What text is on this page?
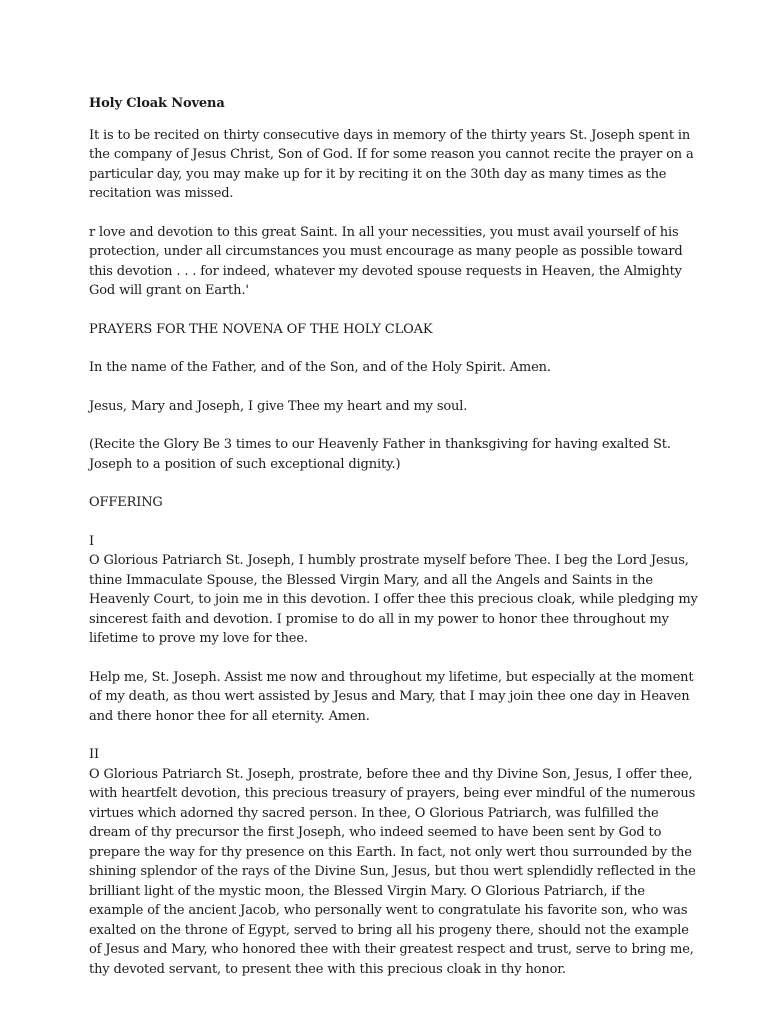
Holy Cloak Novena

It is to be recited on thirty consecutive days in memory of the thirty years St. Joseph spent in the company of Jesus Christ, Son of God. If for some reason you cannot recite the prayer on a particular day, you may make up for it by reciting it on the 30th day as many times as the recitation was missed.

r love and devotion to this great Saint. In all your necessities, you must avail yourself of his protection, under all circumstances you must encourage as many people as possible toward this devotion . . . for indeed, whatever my devoted spouse requests in Heaven, the Almighty God will grant on Earth.'

PRAYERS FOR THE NOVENA OF THE HOLY CLOAK

In the name of the Father, and of the Son, and of the Holy Spirit. Amen.

Jesus, Mary and Joseph, I give Thee my heart and my soul.

(Recite the Glory Be 3 times to our Heavenly Father in thanksgiving for having exalted St. Joseph to a position of such exceptional dignity.)

OFFERING

I
O Glorious Patriarch St. Joseph, I humbly prostrate myself before Thee. I beg the Lord Jesus, thine Immaculate Spouse, the Blessed Virgin Mary, and all the Angels and Saints in the Heavenly Court, to join me in this devotion. I offer thee this precious cloak, while pledging my sincerest faith and devotion. I promise to do all in my power to honor thee throughout my lifetime to prove my love for thee.

Help me, St. Joseph. Assist me now and throughout my lifetime, but especially at the moment of my death, as thou wert assisted by Jesus and Mary, that I may join thee one day in Heaven and there honor thee for all eternity. Amen.

II
O Glorious Patriarch St. Joseph, prostrate, before thee and thy Divine Son, Jesus, I offer thee, with heartfelt devotion, this precious treasury of prayers, being ever mindful of the numerous virtues which adorned thy sacred person. In thee, O Glorious Patriarch, was fulfilled the dream of thy precursor the first Joseph, who indeed seemed to have been sent by God to prepare the way for thy presence on this Earth. In fact, not only wert thou surrounded by the shining splendor of the rays of the Divine Sun, Jesus, but thou wert splendidly reflected in the brilliant light of the mystic moon, the Blessed Virgin Mary. O Glorious Patriarch, if the example of the ancient Jacob, who personally went to congratulate his favorite son, who was exalted on the throne of Egypt, served to bring all his progeny there, should not the example of Jesus and Mary, who honored thee with their greatest respect and trust, serve to bring me, thy devoted servant, to present thee with this precious cloak in thy honor.
